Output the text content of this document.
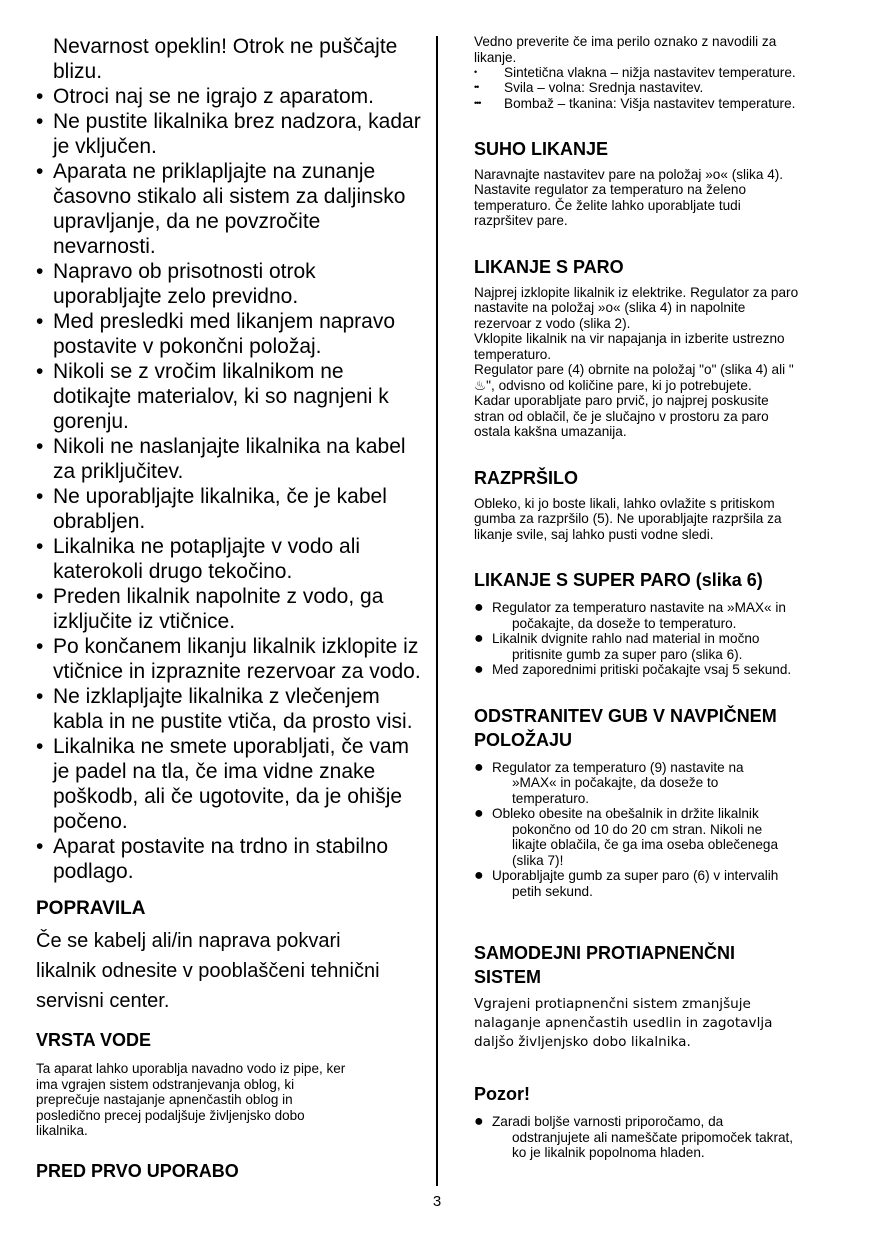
Nevarnost opeklin! Otrok ne puščajte
blizu.
• Otroci naj se ne igrajo z aparatom.
• Ne pustite likalnika brez nadzora, kadar
je vključen.
• Aparata ne priklapljajte na zunanje
časovno stikalo ali sistem za daljinsko
upravljanje, da ne povzročite
nevarnosti.
• Napravo ob prisotnosti otrok
uporabljajte zelo previdno.
• Med presledki med likanjem napravo
postavite v pokončni položaj.
• Nikoli se z vročim likalnikom ne
dotikajte materialov, ki so nagnjeni k
gorenju.
• Nikoli ne naslanjajte likalnika na kabel
za priključitev.
• Ne uporabljajte likalnika, če je kabel
obrabljen.
• Likalnika ne potapljajte v vodo ali
katerokoli drugo tekočino.
• Preden likalnik napolnite z vodo, ga
izključite iz vtičnice.
• Po končanem likanju likalnik izklopite iz
vtičnice in izpraznite rezervoar za vodo.
• Ne izklapljajte likalnika z vlečenjem
kabla in ne pustite vtiča, da prosto visi.
• Likalnika ne smete uporabljati, če vam
je padel na tla, če ima vidne znake
poškodb, ali če ugotovite, da je ohišje
počeno.
• Aparat postavite na trdno in stabilno
podlago.
POPRAVILA
Če se kabelj ali/in naprava pokvari
likalnik odnesite v pooblaščeni tehnični
servisni center.
VRSTA VODE
Ta aparat lahko uporablja navadno vodo iz pipe, ker
ima vgrajen sistem odstranjevanja oblog, ki
preprečuje nastajanje apnenčastih oblog in
posledično precej podaljšuje življenjsko dobo
likalnika.
PRED PRVO UPORABO

Vedno preverite če ima perilo oznako z navodili za
likanje.

• Sintetična vlakna – nižja nastavitev temperature.
•• Svila – volna: Srednja nastavitev.
••• Bombaž – tkanina: Višja nastavitev temperature.
SUHO LIKANJE
Naravnajte nastavitev pare na položaj »o« (slika 4).
Nastavite regulator za temperaturo na želeno
temperaturo. Če želite lahko uporabljate tudi
razpršitev pare.
LIKANJE S PARO
Najprej izklopite likalnik iz elektrike. Regulator za paro
nastavite na položaj »o« (slika 4) in napolnite
rezervoar z vodo (slika 2).
Vklopite likalnik na vir napajanja in izberite ustrezno
temperaturo.
Regulator pare (4) obrnite na položaj "o" (slika 4) ali "
♨", odvisno od količine pare, ki jo potrebujete.
Kadar uporabljate paro prvič, jo najprej poskusite
stran od oblačil, če je slučajno v prostoru za paro
ostala kakšna umazanija.
RAZPRŠILO
Obleko, ki jo boste likali, lahko ovlažite s pritiskom
gumba za razpršilo (5). Ne uporabljajte razpršila za
likanje svile, saj lahko pusti vodne sledi.
LIKANJE S SUPER PARO (slika 6)
● Regulator za temperaturo nastavite na »MAX« in
počakajte, da doseže to temperaturo.
● Likalnik dvignite rahlo nad material in močno
pritisnite gumb za super paro (slika 6).
● Med zaporednimi pritiski počakajte vsaj 5 sekund.
ODSTRANITEV GUB V NAVPIČNEM
POLOŽAJU
● Regulator za temperaturo (9) nastavite na
»MAX« in počakajte, da doseže to
temperaturo.
● Obleko obesite na obešalnik in držite likalnik
pokončno od 10 do 20 cm stran. Nikoli ne
likajte oblačila, če ga ima oseba oblečenega
(slika 7)!
● Uporabljajte gumb za super paro (6) v intervalih
petih sekund.
SAMODEJNI PROTIAPNENČNI
SISTEM
Vgrajeni protiapnenčni sistem zmanjšuje
nalaganje apnenčastih usedlin in zagotavlja
daljšo življenjsko dobo likalnika.
Pozor!
● Zaradi boljše varnosti priporočamo, da
odstranjujete ali nameščate pripomoček takrat,
ko je likalnik popolnoma hladen.
3
